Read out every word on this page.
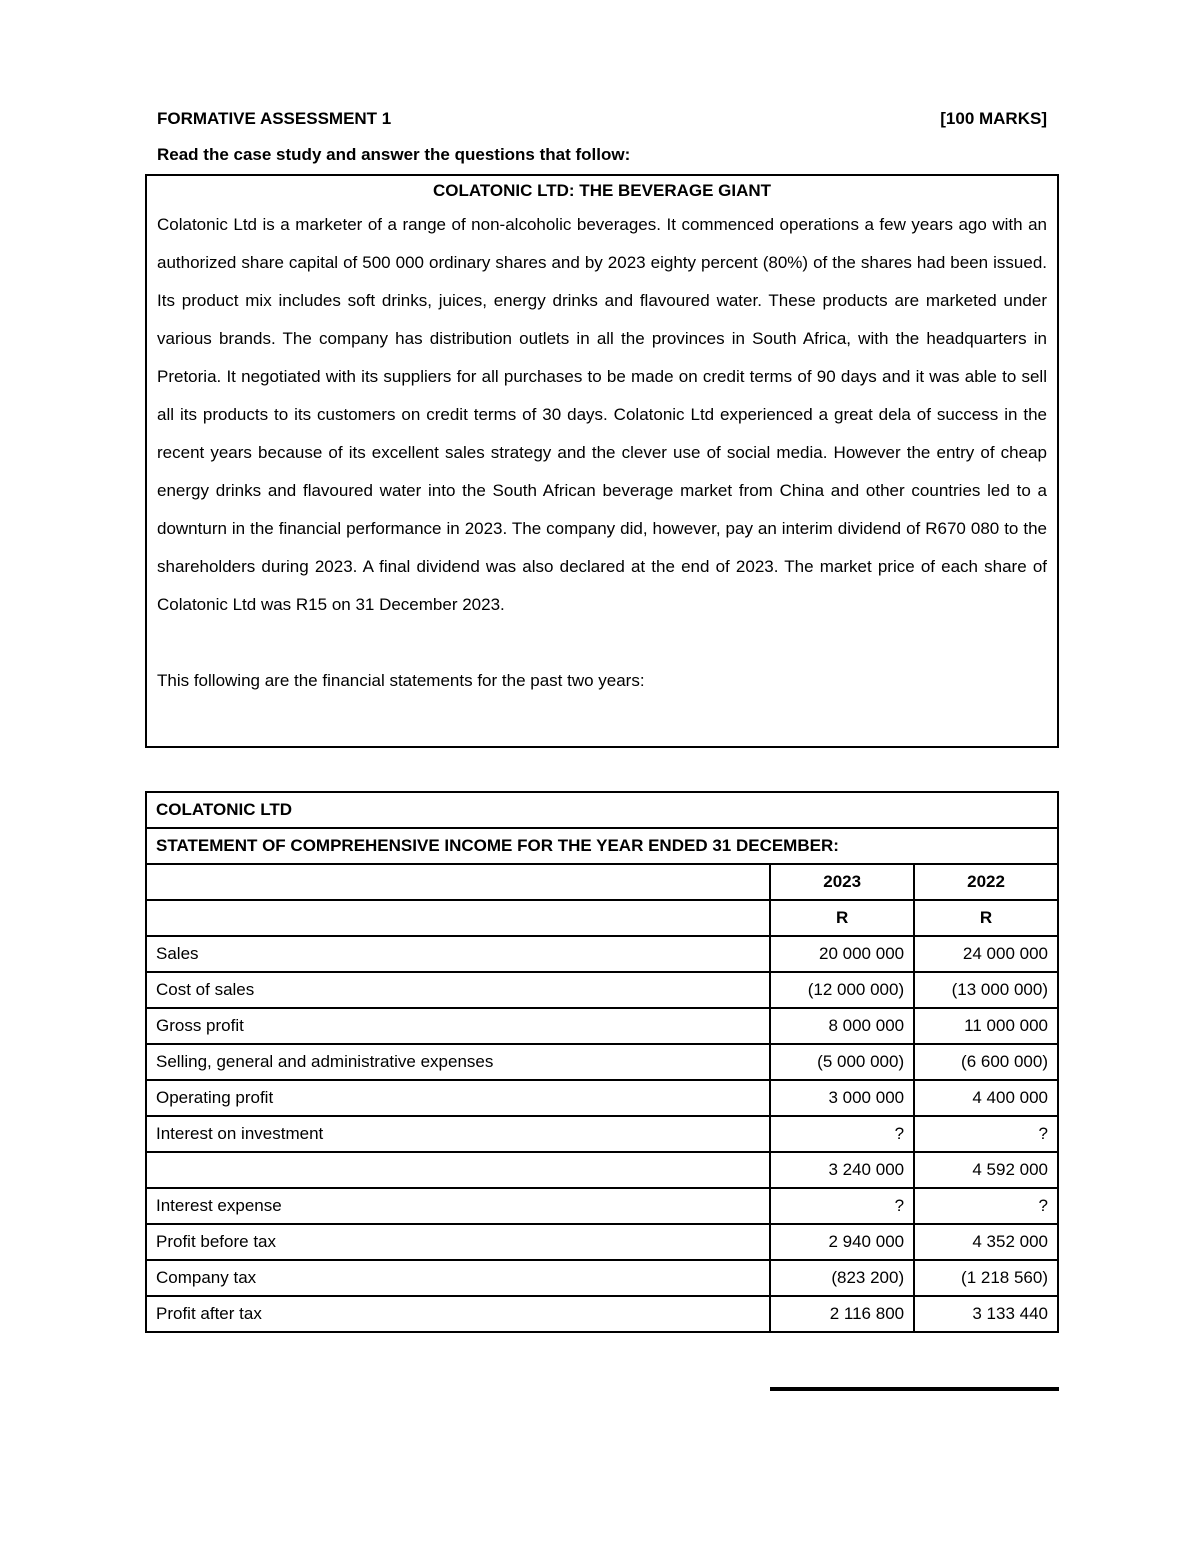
FORMATIVE ASSESSMENT 1	[100 MARKS]
Read the case study and answer the questions that follow:
COLATONIC LTD: THE BEVERAGE GIANT

Colatonic Ltd is a marketer of a range of non-alcoholic beverages. It commenced operations a few years ago with an authorized share capital of 500 000 ordinary shares and by 2023 eighty percent (80%) of the shares had been issued. Its product mix includes soft drinks, juices, energy drinks and flavoured water. These products are marketed under various brands. The company has distribution outlets in all the provinces in South Africa, with the headquarters in Pretoria. It negotiated with its suppliers for all purchases to be made on credit terms of 90 days and it was able to sell all its products to its customers on credit terms of 30 days. Colatonic Ltd experienced a great dela of success in the recent years because of its excellent sales strategy and the clever use of social media. However the entry of cheap energy drinks and flavoured water into the South African beverage market from China and other countries led to a downturn in the financial performance in 2023. The company did, however, pay an interim dividend of R670 080 to the shareholders during 2023. A final dividend was also declared at the end of 2023. The market price of each share of Colatonic Ltd was R15 on 31 December 2023.

This following are the financial statements for the past two years:
COLATONIC LTD		
STATEMENT OF COMPREHENSIVE INCOME FOR THE YEAR ENDED 31 DECEMBER:		
	2023	2022
	R	R
Sales	20 000 000	24 000 000
Cost of sales	(12 000 000)	(13 000 000)
Gross profit	8 000 000	11 000 000
Selling, general and administrative expenses	(5 000 000)	(6 600 000)
Operating profit	3 000 000	4 400 000
Interest on investment	?	?
	3 240 000	4 592 000
Interest expense	?	?
Profit before tax	2 940 000	4 352 000
Company tax	(823 200)	(1 218 560)
Profit after tax	2 116 800	3 133 440
